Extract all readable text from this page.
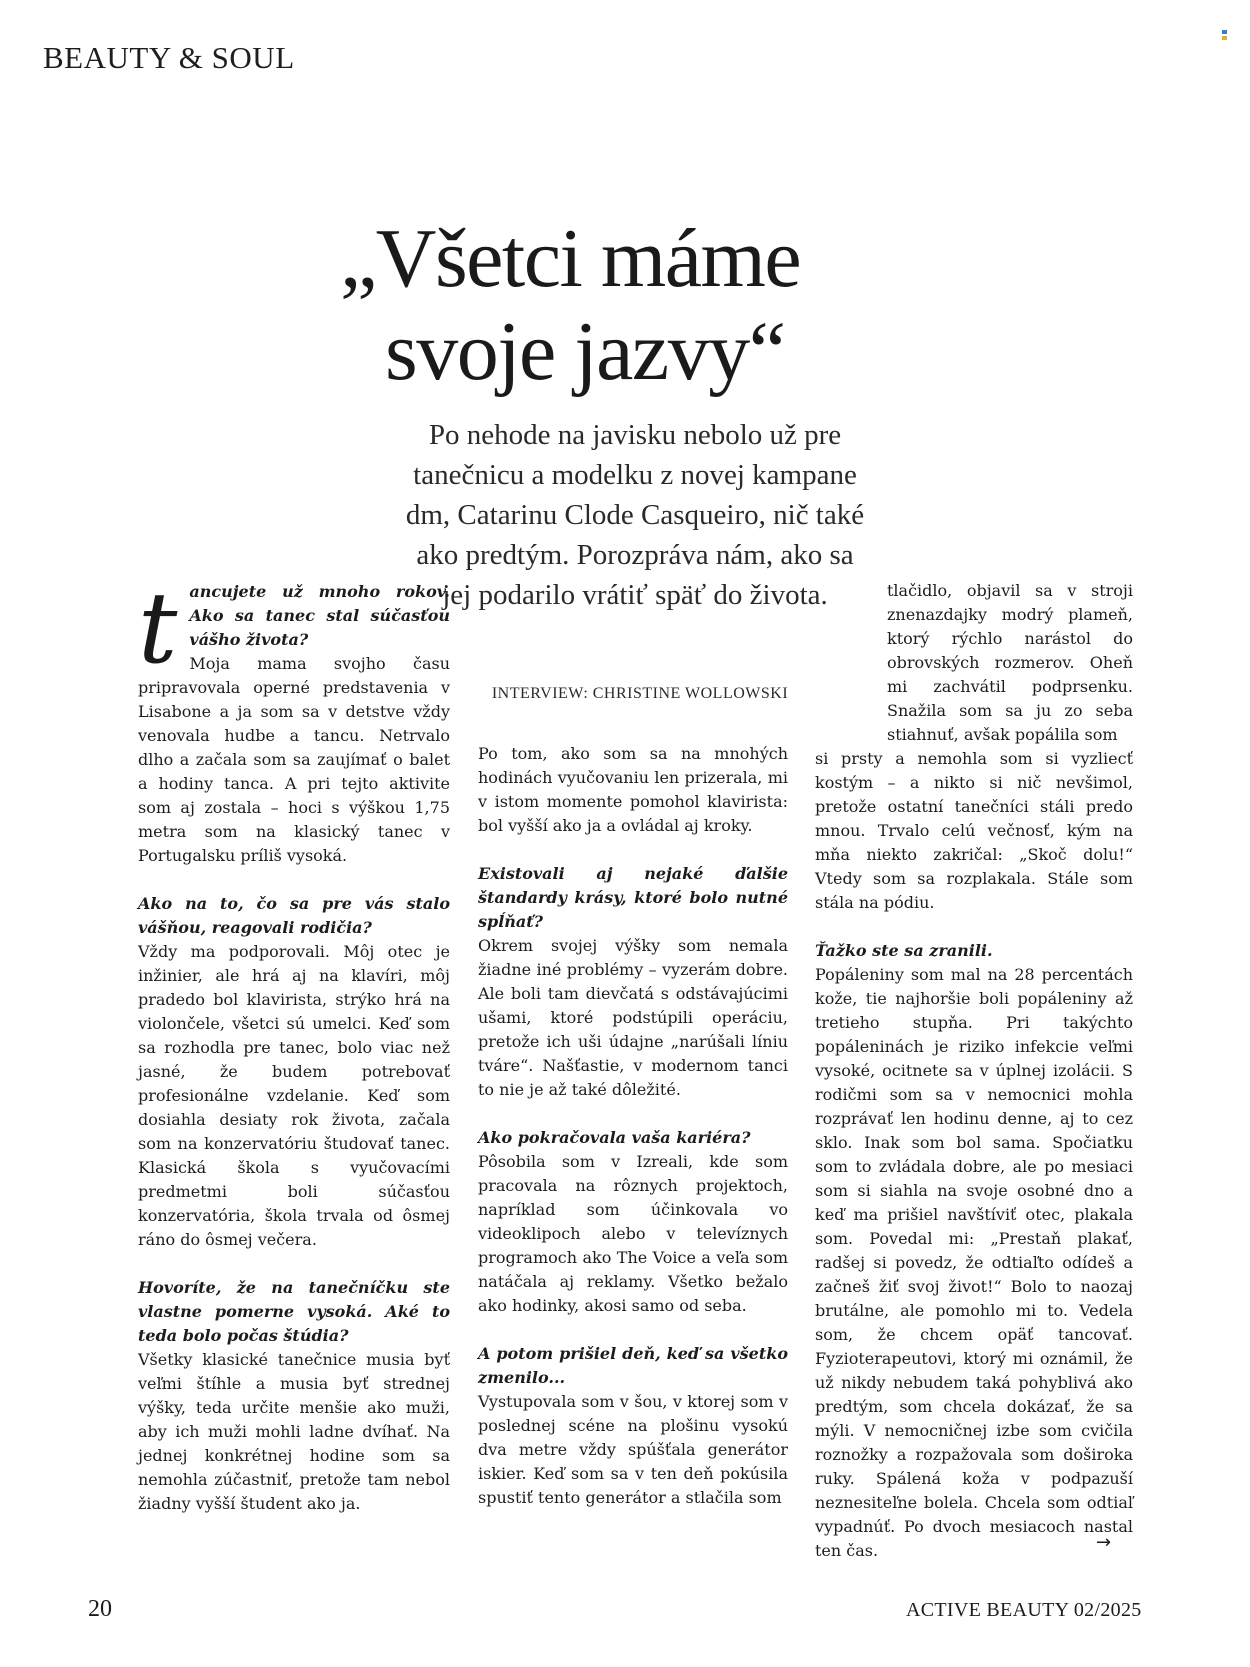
BEAUTY & SOUL
„Všetci máme
svoje jazvy“

Po nehode na javisku nebolo už pre tanečnicu a modelku z novej kampane dm, Catarinu Clode Casqueiro, nič také ako predtým. Porozpráva nám, ako sa jej podarilo vrátiť späť do života.

INTERVIEW: CHRISTINE WOLLOWSKI
t ancujete už mnoho rokov. Ako sa tanec stal súčasťou vášho života?

Moja mama svojho času pripravovala operné predstavenia v Lisabone a ja som sa v detstve vždy venovala hudbe a tancu. Netrvalo dlho a začala som sa zaujímať o balet a hodiny tanca. A pri tejto aktivite som aj zostala – hoci s výškou 1,75 metra som na klasický tanec v Portugalsku príliš vysoká.

Ako na to, čo sa pre vás stalo vášňou, reagovali rodičia?

Vždy ma podporovali. Môj otec je inžinier, ale hrá aj na klavíri, môj pradedo bol klavirista, strýko hrá na violončele, všetci sú umelci. Keď som sa rozhodla pre tanec, bolo viac než jasné, že budem potrebovať profesionálne vzdelanie. Keď som dosiahla desiaty rok života, začala som na konzervatóriu študovať tanec. Klasická škola s vyučovacími predmetmi boli súčasťou konzervatória, škola trvala od ôsmej ráno do ôsmej večera.

Hovoríte, že na tanečníčku ste vlastne pomerne vysoká. Aké to teda bolo počas štúdia?

Všetky klasické tanečnice musia byť veľmi štíhle a musia byť strednej výšky, teda určite menšie ako muži, aby ich muži mohli ladne dvíhať. Na jednej konkrétnej hodine som sa nemohla zúčastniť, pretože tam nebol žiadny vyšší študent ako ja.

Po tom, ako som sa na mnohých hodinách vyučovaniu len prizerala, mi v istom momente pomohol klavirista: bol vyšší ako ja a ovládal aj kroky.

Existovali aj nejaké ďalšie štandardy krásy, ktoré bolo nutné spĺňať?

Okrem svojej výšky som nemala žiadne iné problémy – vyzerám dobre. Ale boli tam dievčatá s odstávajúcimi ušami, ktoré podstúpili operáciu, pretože ich uši údajne „narúšali líniu tváre“. Našťastie, v modernom tanci to nie je až také dôležité.

Ako pokračovala vaša kariéra?

Pôsobila som v Izreali, kde som pracovala na rôznych projektoch, napríklad som účinkovala vo videoklipoch alebo v televíznych programoch ako The Voice a veľa som natáčala aj reklamy. Všetko bežalo ako hodinky, akosi samo od seba.

A potom prišiel deň, keď sa všetko zmenilo...

Vystupovala som v šou, v ktorej som v poslednej scéne na plošinu vysokú dva metre vždy spúšťala generátor iskier. Keď som sa v ten deň pokúsila spustiť tento generátor a stlačila som

tlačidlo, objavil sa v stroji znenazdajky modrý plameň, ktorý rýchlo narástol do obrovských rozmerov. Oheň mi zachvátil podprsenku. Snažila som sa ju zo seba stiahnuť, avšak popálila som

si prsty a nemohla som si vyzliecť kostým – a nikto si nič nevšimol, pretože ostatní tanečníci stáli predo mnou. Trvalo celú večnosť, kým na mňa niekto zakričal: „Skoč dolu!“ Vtedy som sa rozplakala. Stále som stála na pódiu.

Ťažko ste sa zranili.

Popáleniny som mal na 28 percentách kože, tie najhoršie boli popáleniny až tretieho stupňa. Pri takýchto popáleninách je riziko infekcie veľmi vysoké, ocitnete sa v úplnej izolácii. S rodičmi som sa v nemocnici mohla rozprávať len hodinu denne, aj to cez sklo. Inak som bol sama. Spočiatku som to zvládala dobre, ale po mesiaci som si siahla na svoje osobné dno a keď ma prišiel navštíviť otec, plakala som. Povedal mi: „Prestaň plakať, radšej si povedz, že odtiaľto odídeš a začneš žiť svoj život!“ Bolo to naozaj brutálne, ale pomohlo mi to. Vedela som, že chcem opäť tancovať. Fyzioterapeutovi, ktorý mi oznámil, že už nikdy nebudem taká pohyblivá ako predtým, som chcela dokázať, že sa mýli. V nemocničnej izbe som cvičila roznožky a rozpažovala som doširoka ruky. Spálená koža v podpazuší neznesiteľne bolela. Chcela som odtiaľ vypadnúť. Po dvoch mesiacoch nastal ten čas.	→
20	ACTIVE BEAUTY 02/2025
